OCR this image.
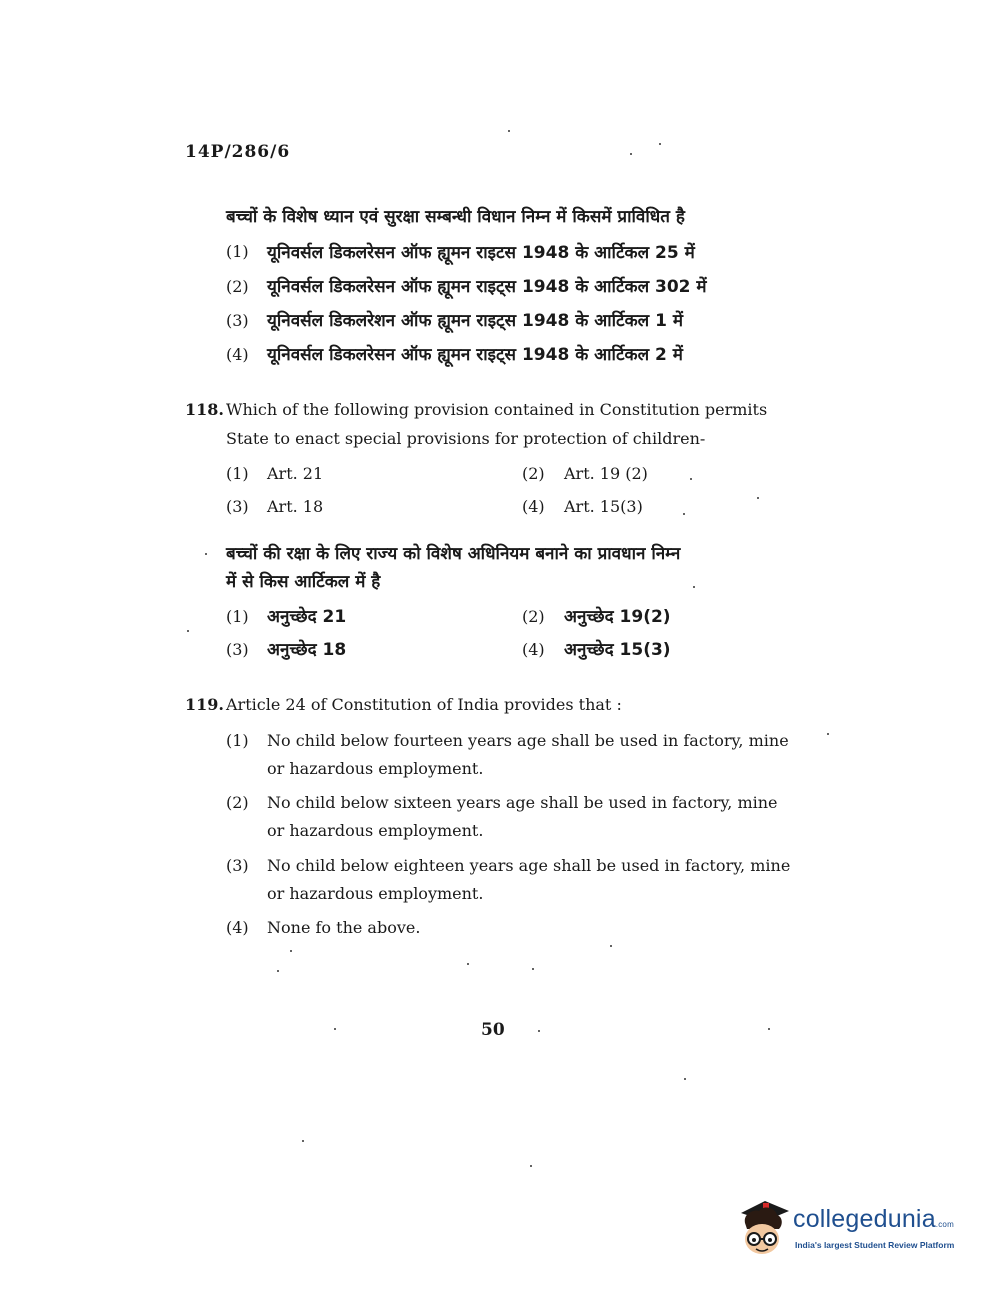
14P/286/6
बच्चों के विशेष ध्यान एवं सुरक्षा सम्बन्धी विधान निम्न में किसमें प्राविधित है
(1) यूनिवर्सल डिकलरेसन ऑफ ह्यूमन राइटस 1948 के आर्टिकल 25 में
(2) यूनिवर्सल डिकलरेसन ऑफ ह्यूमन राइट्स 1948 के आर्टिकल 302 में
(3) यूनिवर्सल डिकलरेशन ऑफ ह्यूमन राइट्स 1948 के आर्टिकल 1 में
(4) यूनिवर्सल डिकलरेसन ऑफ ह्यूमन राइट्स 1948 के आर्टिकल 2 में
118. Which of the following provision contained in Constitution permits
State to enact special provisions for protection of children-
(1) Art. 21	(2) Art. 19 (2)
(3) Art. 18	(4) Art. 15(3)
बच्चों की रक्षा के लिए राज्य को विशेष अधिनियम बनाने का प्रावधान निम्न
में से किस आर्टिकल में है
(1) अनुच्छेद 21	(2) अनुच्छेद 19(2)
(3) अनुच्छेद 18	(4) अनुच्छेद 15(3)
119. Article 24 of Constitution of India provides that :
(1) No child below fourteen years age shall be used in factory, mine
or hazardous employment.
(2) No child below sixteen years age shall be used in factory, mine
or hazardous employment.
(3) No child below eighteen years age shall be used in factory, mine
or hazardous employment.
(4) None fo the above.
50
collegedunia.com
India's largest Student Review Platform
